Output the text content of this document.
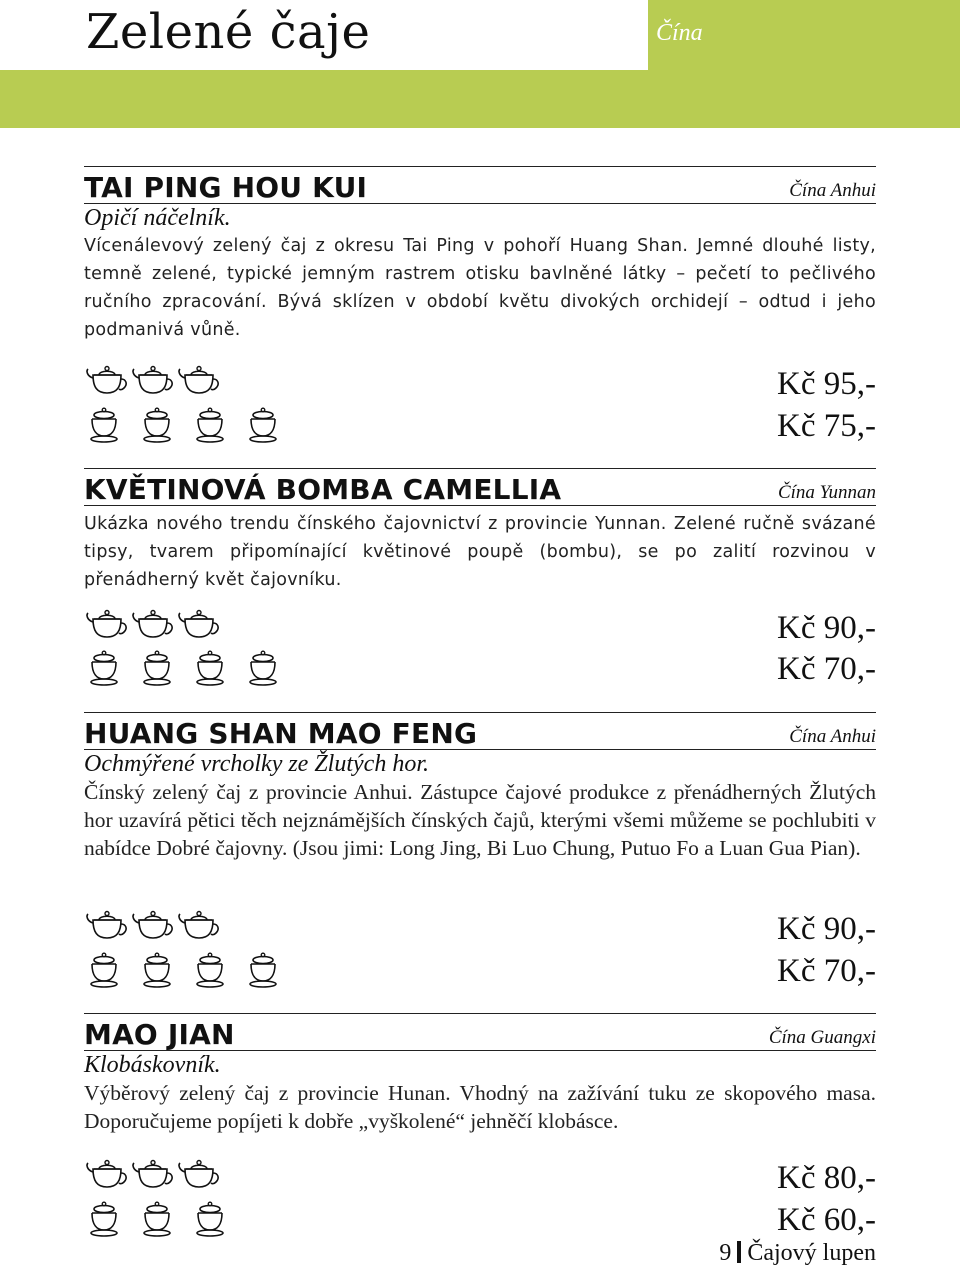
Zelené čaje	Čína
TAI PING HOU KUI	Čína Anhui
Opičí náčelník.

Vícenálevový zelený čaj z okresu Tai Ping v pohoří Huang Shan. Jemné dlouhé listy, temně zelené, typické jemným rastrem otisku bavlněné látky – pečetí to pečlivého ručního zpracování. Bývá sklízen v období květu divokých orchidejí – odtud i jeho podmanivá vůně.

Kč 95,-
Kč 75,-
KVĚTINOVÁ BOMBA CAMELLIA	Čína Yunnan

Ukázka nového trendu čínského čajovnictví z provincie Yunnan. Zelené ručně svázané tipsy, tvarem připomínající květinové poupě (bombu), se po zalití rozvinou v přenádherný květ čajovníku.

Kč 90,-
Kč 70,-
HUANG SHAN MAO FENG	Čína Anhui
Ochmýřené vrcholky ze Žlutých hor.

Čínský zelený čaj z provincie Anhui. Zástupce čajové produkce z přenádherných Žlutých hor uzavírá pětici těch nejznámějších čínských čajů, kterými všemi můžeme se pochlubiti v nabídce Dobré čajovny. (Jsou jimi: Long Jing, Bi Luo Chung, Putuo Fo a Luan Gua Pian).

Kč 90,-
Kč 70,-
MAO JIAN	Čína Guangxi
Klobáskovník.

Výběrový zelený čaj z provincie Hunan. Vhodný na zažívání tuku ze skopového masa. Doporučujeme popíjeti k dobře „vyškolené“ jehněčí klobásce.

Kč 80,-
Kč 60,-
9 Čajový lupen
